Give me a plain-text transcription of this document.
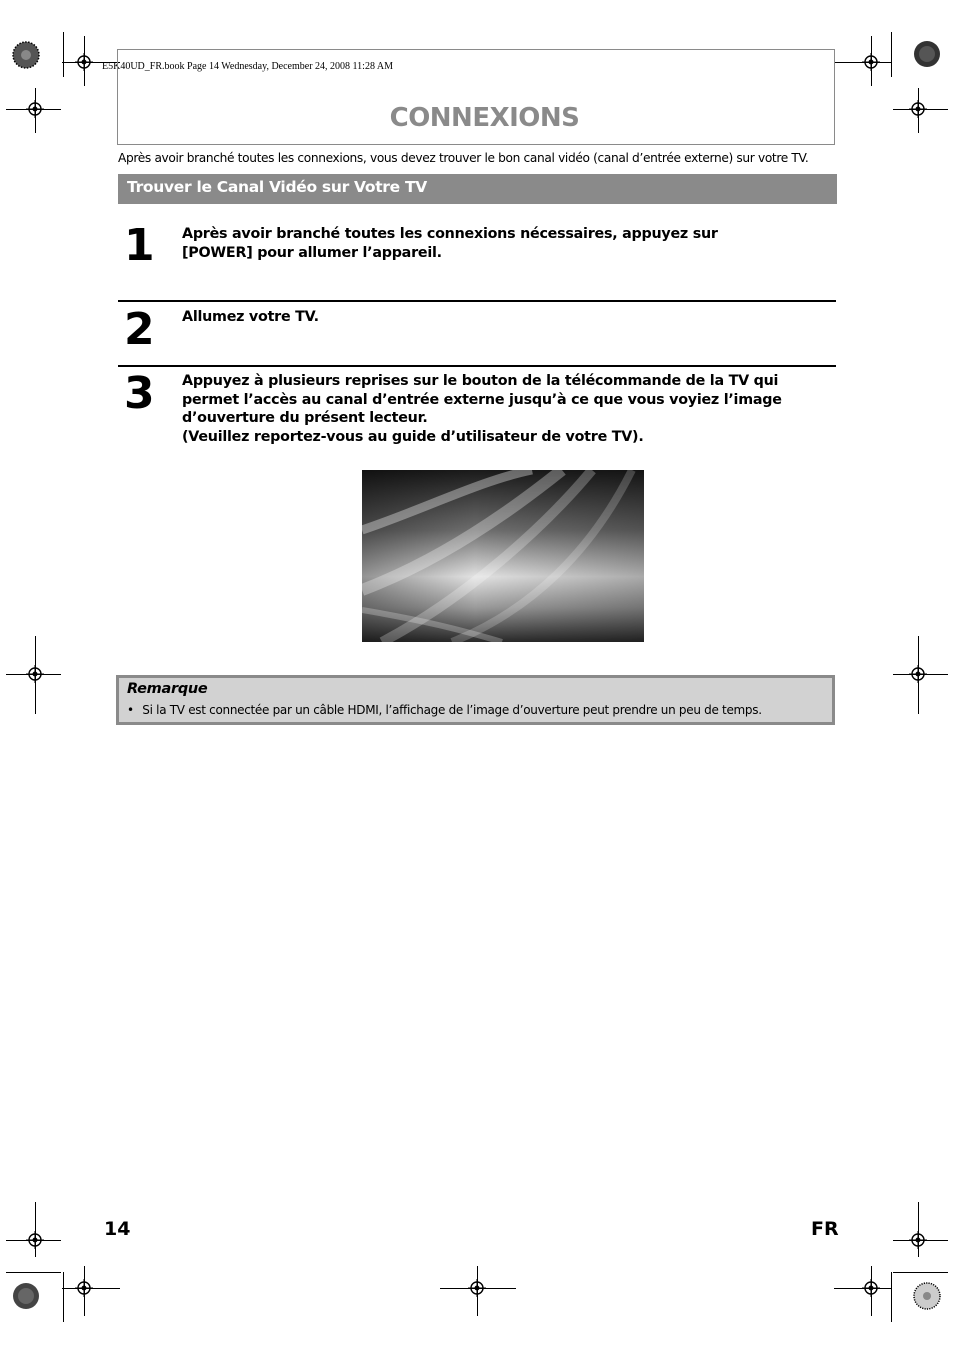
E5K40UD_FR.book Page 14 Wednesday, December 24, 2008 11:28 AM
CONNEXIONS
Après avoir branché toutes les connexions, vous devez trouver le bon canal vidéo (canal d’entrée externe) sur votre TV.
Trouver le Canal Vidéo sur Votre TV
1 Après avoir branché toutes les connexions nécessaires, appuyez sur
[POWER] pour allumer l’appareil.
2 Allumez votre TV.
3 Appuyez à plusieurs reprises sur le bouton de la télécommande de la TV qui
permet l’accès au canal d’entrée externe jusqu’à ce que vous voyiez l’image
d’ouverture du présent lecteur.
(Veuillez reportez-vous au guide d’utilisateur de votre TV).
Remarque
• Si la TV est connectée par un câble HDMI, l’affichage de l’image d’ouverture peut prendre un peu de temps.
14	FR
